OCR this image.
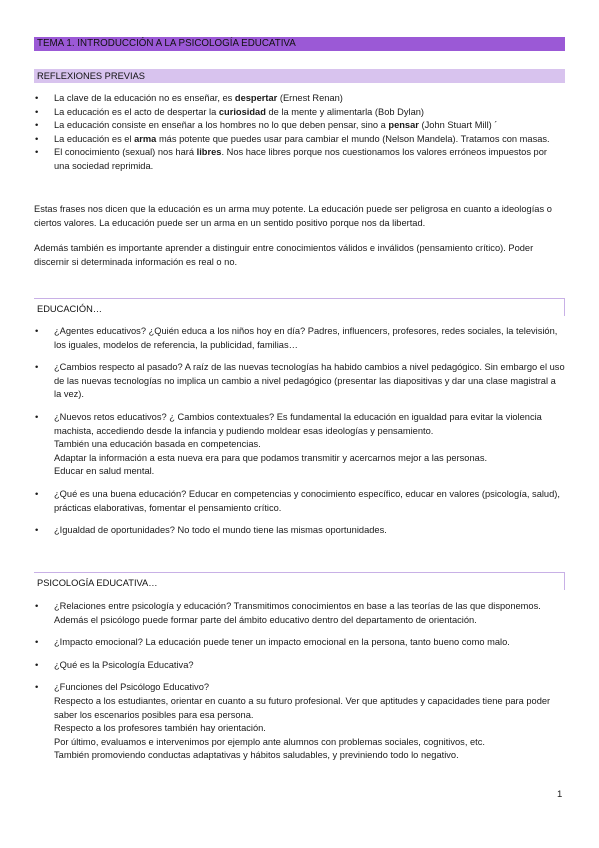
TEMA 1. INTRODUCCIÓN A LA PSICOLOGÍA EDUCATIVA
REFLEXIONES PREVIAS
• La clave de la educación no es enseñar, es despertar (Ernest Renan)
• La educación es el acto de despertar la curiosidad de la mente y alimentarla (Bob Dylan)
• La educación consiste en enseñar a los hombres no lo que deben pensar, sino a pensar (John Stuart Mill) ´
• La educación es el arma más potente que puedes usar para cambiar el mundo (Nelson Mandela). Tratamos con masas.
• El conocimiento (sexual) nos hará libres. Nos hace libres porque nos cuestionamos los valores erróneos impuestos por una sociedad reprimida.

Estas frases nos dicen que la educación es un arma muy potente. La educación puede ser peligrosa en cuanto a ideologías o ciertos valores. La educación puede ser un arma en un sentido positivo porque nos da libertad.

Además también es importante aprender a distinguir entre conocimientos válidos e inválidos (pensamiento crítico). Poder discernir si determinada información es real o no.

EDUCACIÓN…
• ¿Agentes educativos? ¿Quién educa a los niños hoy en día? Padres, influencers, profesores, redes sociales, la televisión, los iguales, modelos de referencia, la publicidad, familias…
• ¿Cambios respecto al pasado? A raíz de las nuevas tecnologías ha habido cambios a nivel pedagógico. Sin embargo el uso de las nuevas tecnologías no implica un cambio a nivel pedagógico (presentar las diapositivas y dar una clase magistral a la vez).
• ¿Nuevos retos educativos? ¿ Cambios contextuales? Es fundamental la educación en igualdad para evitar la violencia machista, accediendo desde la infancia y pudiendo moldear esas ideologías y pensamiento.
También una educación basada en competencias.
Adaptar la información a esta nueva era para que podamos transmitir y acercarnos mejor a las personas.
Educar en salud mental.
• ¿Qué es una buena educación? Educar en competencias y conocimiento específico, educar en valores (psicología, salud), prácticas elaborativas, fomentar el pensamiento crítico.
• ¿Igualdad de oportunidades? No todo el mundo tiene las mismas oportunidades.
PSICOLOGÍA EDUCATIVA…
• ¿Relaciones entre psicología y educación? Transmitimos conocimientos en base a las teorías de las que disponemos. Además el psicólogo puede formar parte del ámbito educativo dentro del departamento de orientación.
• ¿Impacto emocional? La educación puede tener un impacto emocional en la persona, tanto bueno como malo.
• ¿Qué es la Psicología Educativa?
• ¿Funciones del Psicólogo Educativo?
Respecto a los estudiantes, orientar en cuanto a su futuro profesional. Ver que aptitudes y capacidades tiene para poder saber los escenarios posibles para esa persona.
Respecto a los profesores también hay orientación.
Por último, evaluamos e intervenimos por ejemplo ante alumnos con problemas sociales, cognitivos, etc.
También promoviendo conductas adaptativas y hábitos saludables, y previniendo todo lo negativo.
1
